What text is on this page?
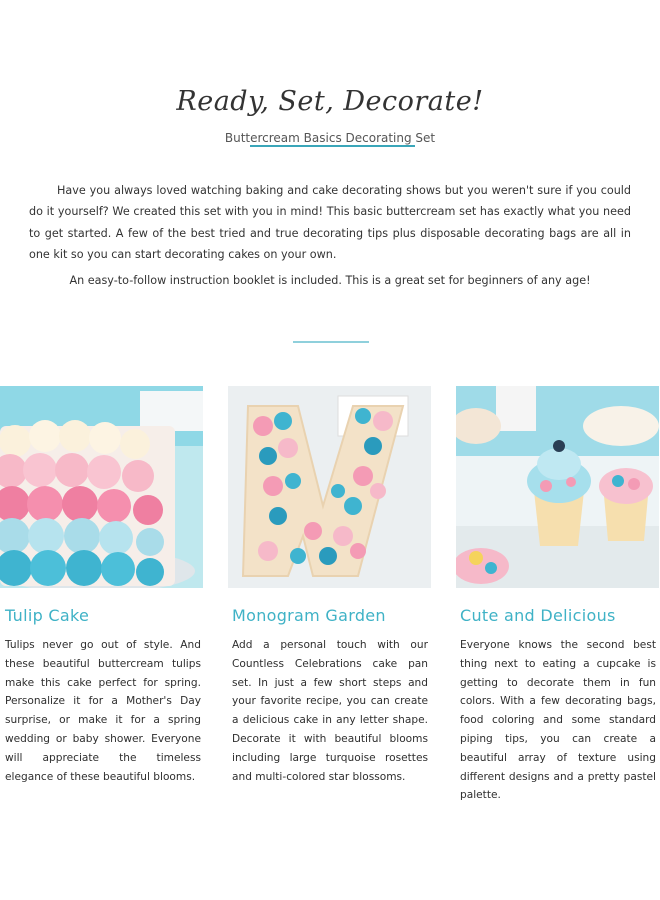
Ready, Set, Decorate!
Buttercream Basics Decorating Set

Have you always loved watching baking and cake decorating shows but you weren't sure if you could do it yourself? We created this set with you in mind! This basic buttercream set has exactly what you need to get started. A few of the best tried and true decorating tips plus disposable decorating bags are all in one kit so you can start decorating cakes on your own.

An easy-to-follow instruction booklet is included. This is a great set for beginners of any age!

Tulip Cake	Monogram Garden	Cute and Delicious

Tulips never go out of style. And these beautiful buttercream tulips make this cake perfect for spring. Personalize it for a Mother's Day surprise, or make it for a spring wedding or baby shower. Everyone will appreciate the timeless elegance of these beautiful blooms.

Add a personal touch with our Countless Celebrations cake pan set. In just a few short steps and your favorite recipe, you can create a delicious cake in any letter shape. Decorate it with beautiful blooms including large turquoise rosettes and multi-colored star blossoms.

Everyone knows the second best thing next to eating a cupcake is getting to decorate them in fun colors. With a few decorating bags, food coloring and some standard piping tips, you can create a beautiful array of texture using different designs and a pretty pastel palette.
